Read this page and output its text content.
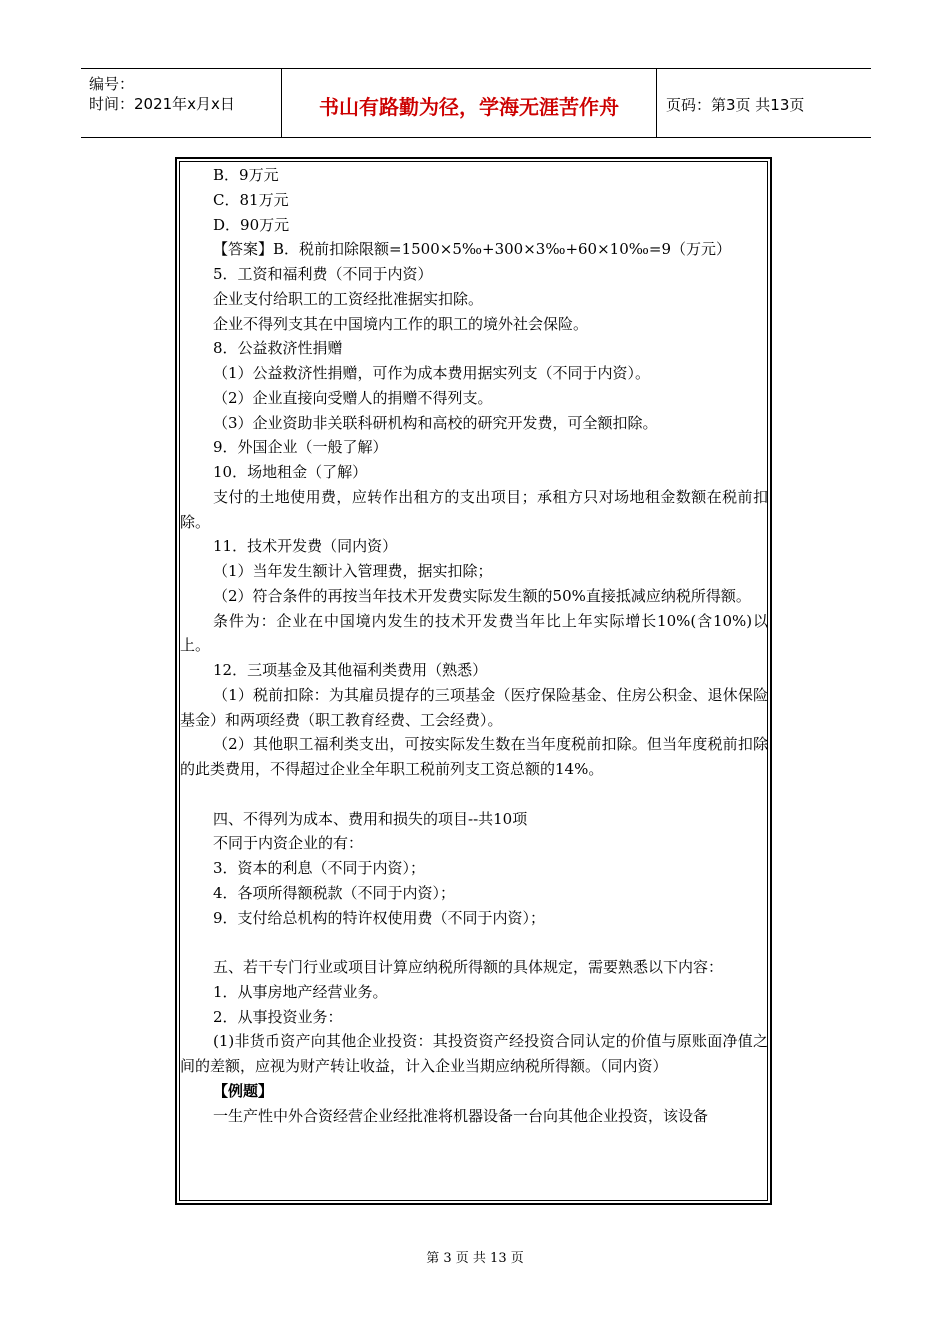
编号：
时间：2021年x月x日	书山有路勤为径，学海无涯苦作舟	页码：第3页 共13页

B．9万元

C．81万元

D．90万元

【答案】B．税前扣除限额=1500×5‰+300×3‰+60×10‰=9（万元）

5．工资和福利费（不同于内资）

企业支付给职工的工资经批准据实扣除。

企业不得列支其在中国境内工作的职工的境外社会保险。

8．公益救济性捐赠

（1）公益救济性捐赠，可作为成本费用据实列支（不同于内资）。

（2）企业直接向受赠人的捐赠不得列支。

（3）企业资助非关联科研机构和高校的研究开发费，可全额扣除。

9．外国企业（一般了解）

10．场地租金（了解）

支付的土地使用费，应转作出租方的支出项目；承租方只对场地租金数额在税前扣除。

11．技术开发费（同内资）

（1）当年发生额计入管理费，据实扣除；

（2）符合条件的再按当年技术开发费实际发生额的50%直接抵减应纳税所得额。

条件为：企业在中国境内发生的技术开发费当年比上年实际增长10%(含10%)以上。

12．三项基金及其他福利类费用（熟悉）

（1）税前扣除：为其雇员提存的三项基金（医疗保险基金、住房公积金、退休保险基金）和两项经费（职工教育经费、工会经费）。

（2）其他职工福利类支出，可按实际发生数在当年度税前扣除。但当年度税前扣除的此类费用，不得超过企业全年职工税前列支工资总额的14%。

四、不得列为成本、费用和损失的项目--共10项

不同于内资企业的有：

3．资本的利息（不同于内资）；

4．各项所得额税款（不同于内资）；

9．支付给总机构的特许权使用费（不同于内资）；

五、若干专门行业或项目计算应纳税所得额的具体规定，需要熟悉以下内容：

1．从事房地产经营业务。

2．从事投资业务：

(1)非货币资产向其他企业投资：其投资资产经投资合同认定的价值与原账面净值之间的差额，应视为财产转让收益，计入企业当期应纳税所得额。（同内资）

【例题】

一生产性中外合资经营企业经批准将机器设备一台向其他企业投资，该设备

第 3 页 共 13 页
